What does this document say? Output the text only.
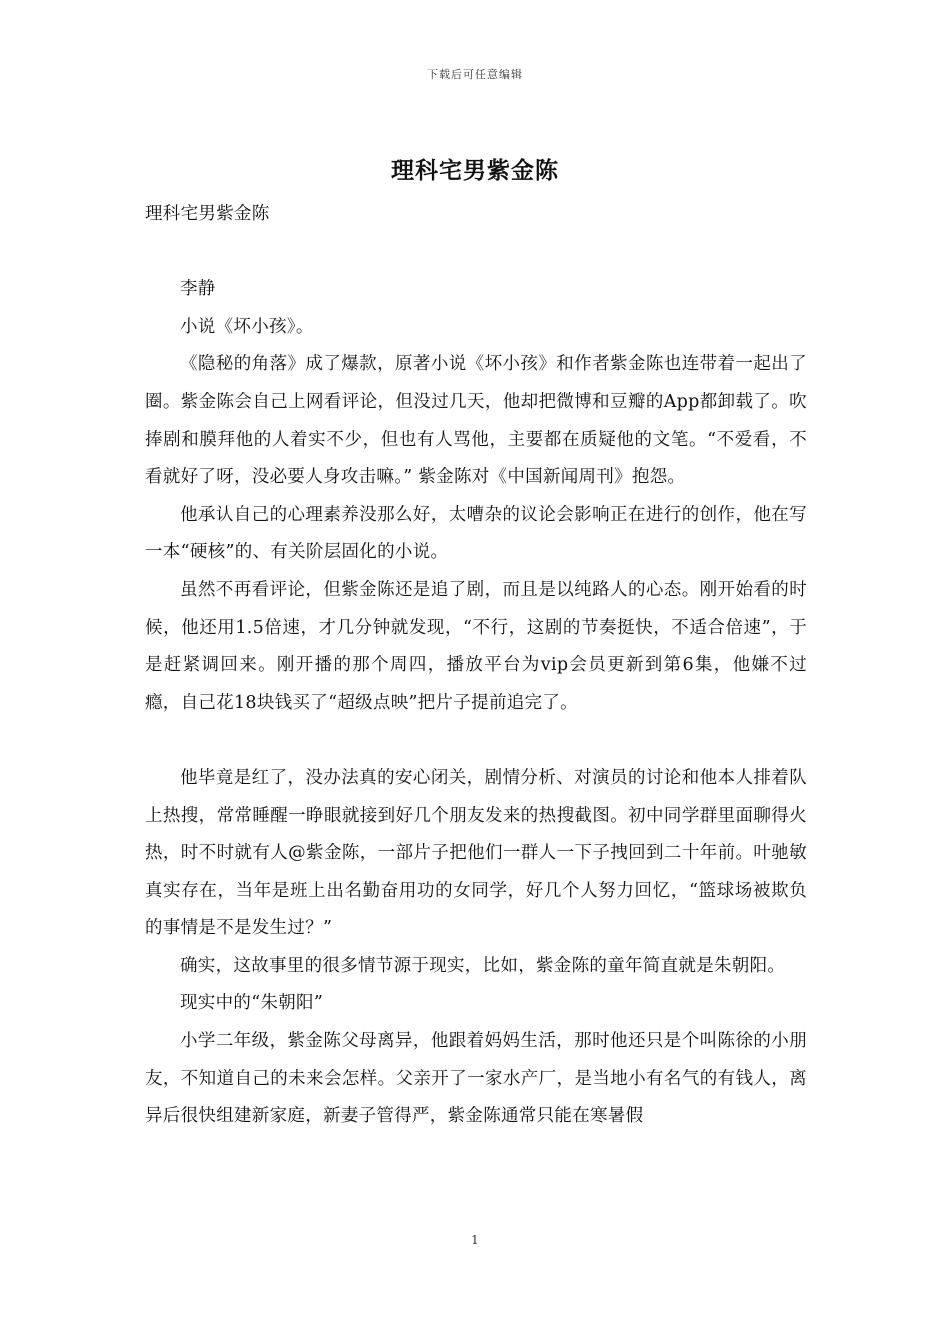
下载后可任意编辑
理科宅男紫金陈

理科宅男紫金陈

李静

小说《坏小孩》。

《隐秘的角落》成了爆款，原著小说《坏小孩》和作者紫金陈也连带着一起出了圈。紫金陈会自己上网看评论，但没过几天，他却把微博和豆瓣的App都卸载了。吹捧剧和膜拜他的人着实不少，但也有人骂他，主要都在质疑他的文笔。“不爱看，不看就好了呀，没必要人身攻击嘛。” 紫金陈对《中国新闻周刊》抱怨。

他承认自己的心理素养没那么好，太嘈杂的议论会影响正在进行的创作，他在写一本“硬核”的、有关阶层固化的小说。

虽然不再看评论，但紫金陈还是追了剧，而且是以纯路人的心态。刚开始看的时候，他还用1.5倍速，才几分钟就发现，“不行，这剧的节奏挺快，不适合倍速”，于是赶紧调回来。刚开播的那个周四，播放平台为vip会员更新到第6集，他嫌不过瘾，自己花18块钱买了“超级点映”把片子提前追完了。

他毕竟是红了，没办法真的安心闭关，剧情分析、对演员的讨论和他本人排着队上热搜，常常睡醒一睁眼就接到好几个朋友发来的热搜截图。初中同学群里面聊得火热，时不时就有人@紫金陈，一部片子把他们一群人一下子拽回到二十年前。叶驰敏真实存在，当年是班上出名勤奋用功的女同学，好几个人努力回忆，“篮球场被欺负的事情是不是发生过？”

确实，这故事里的很多情节源于现实，比如，紫金陈的童年简直就是朱朝阳。

现实中的“朱朝阳”

小学二年级，紫金陈父母离异，他跟着妈妈生活，那时他还只是个叫陈徐的小朋友，不知道自己的未来会怎样。父亲开了一家水产厂，是当地小有名气的有钱人，离异后很快组建新家庭，新妻子管得严，紫金陈通常只能在寒暑假

1
